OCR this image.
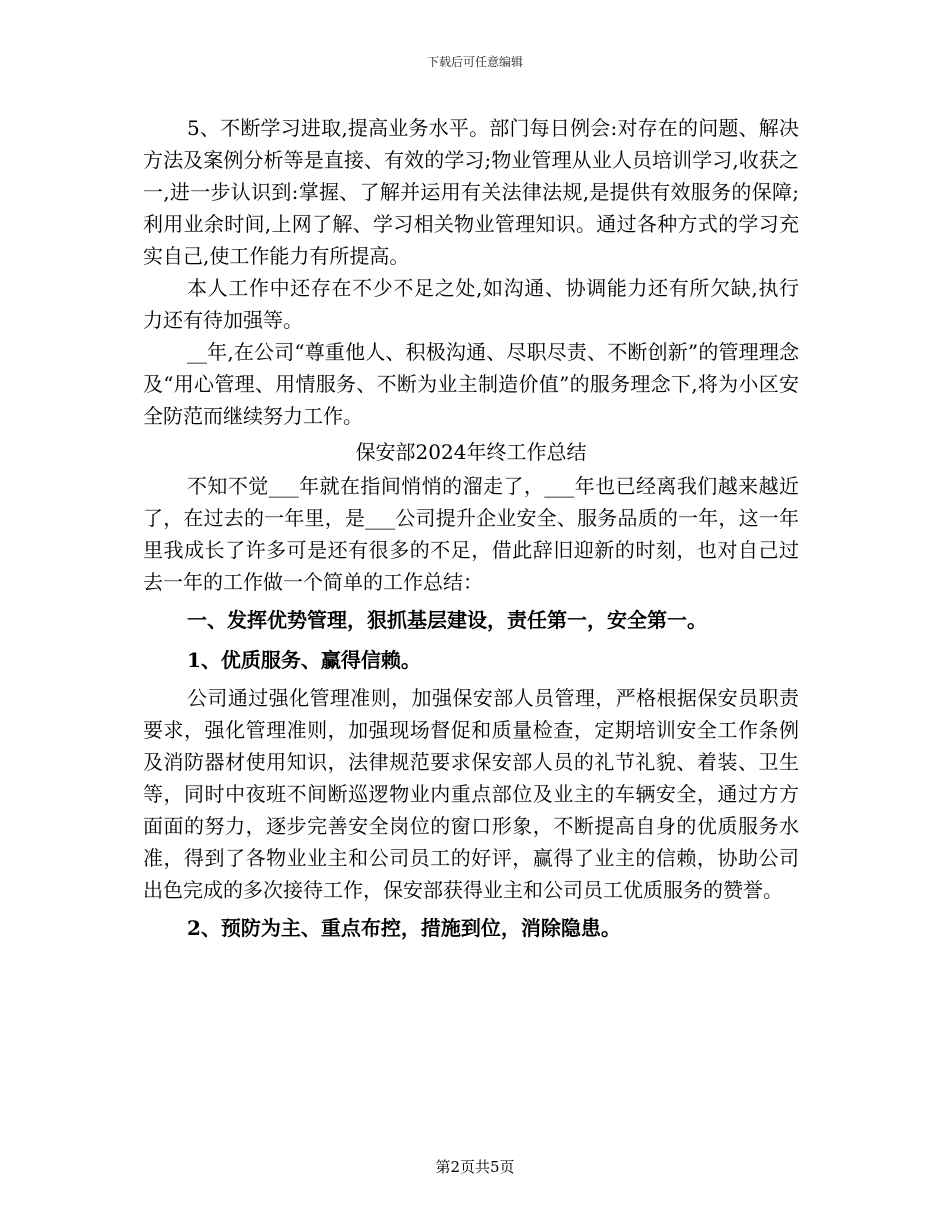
下载后可任意编辑

5、不断学习进取,提高业务水平。部门每日例会:对存在的问题、解决方法及案例分析等是直接、有效的学习;物业管理从业人员培训学习,收获之一,进一步认识到:掌握、了解并运用有关法律法规,是提供有效服务的保障;利用业余时间,上网了解、学习相关物业管理知识。通过各种方式的学习充实自己,使工作能力有所提高。

本人工作中还存在不少不足之处,如沟通、协调能力还有所欠缺,执行力还有待加强等。

__年,在公司“尊重他人、积极沟通、尽职尽责、不断创新”的管理理念及“用心管理、用情服务、不断为业主制造价值”的服务理念下,将为小区安全防范而继续努力工作。

保安部2024年终工作总结

不知不觉___年就在指间悄悄的溜走了，___年也已经离我们越来越近了，在过去的一年里，是___公司提升企业安全、服务品质的一年，这一年里我成长了许多可是还有很多的不足，借此辞旧迎新的时刻，也对自己过去一年的工作做一个简单的工作总结：

一、发挥优势管理，狠抓基层建设，责任第一，安全第一。

1、优质服务、赢得信赖。

公司通过强化管理准则，加强保安部人员管理，严格根据保安员职责要求，强化管理准则，加强现场督促和质量检查，定期培训安全工作条例及消防器材使用知识，法律规范要求保安部人员的礼节礼貌、着装、卫生等，同时中夜班不间断巡逻物业内重点部位及业主的车辆安全，通过方方面面的努力，逐步完善安全岗位的窗口形象，不断提高自身的优质服务水准，得到了各物业业主和公司员工的好评，赢得了业主的信赖，协助公司出色完成的多次接待工作，保安部获得业主和公司员工优质服务的赞誉。

2、预防为主、重点布控，措施到位，消除隐患。

第2页共5页
